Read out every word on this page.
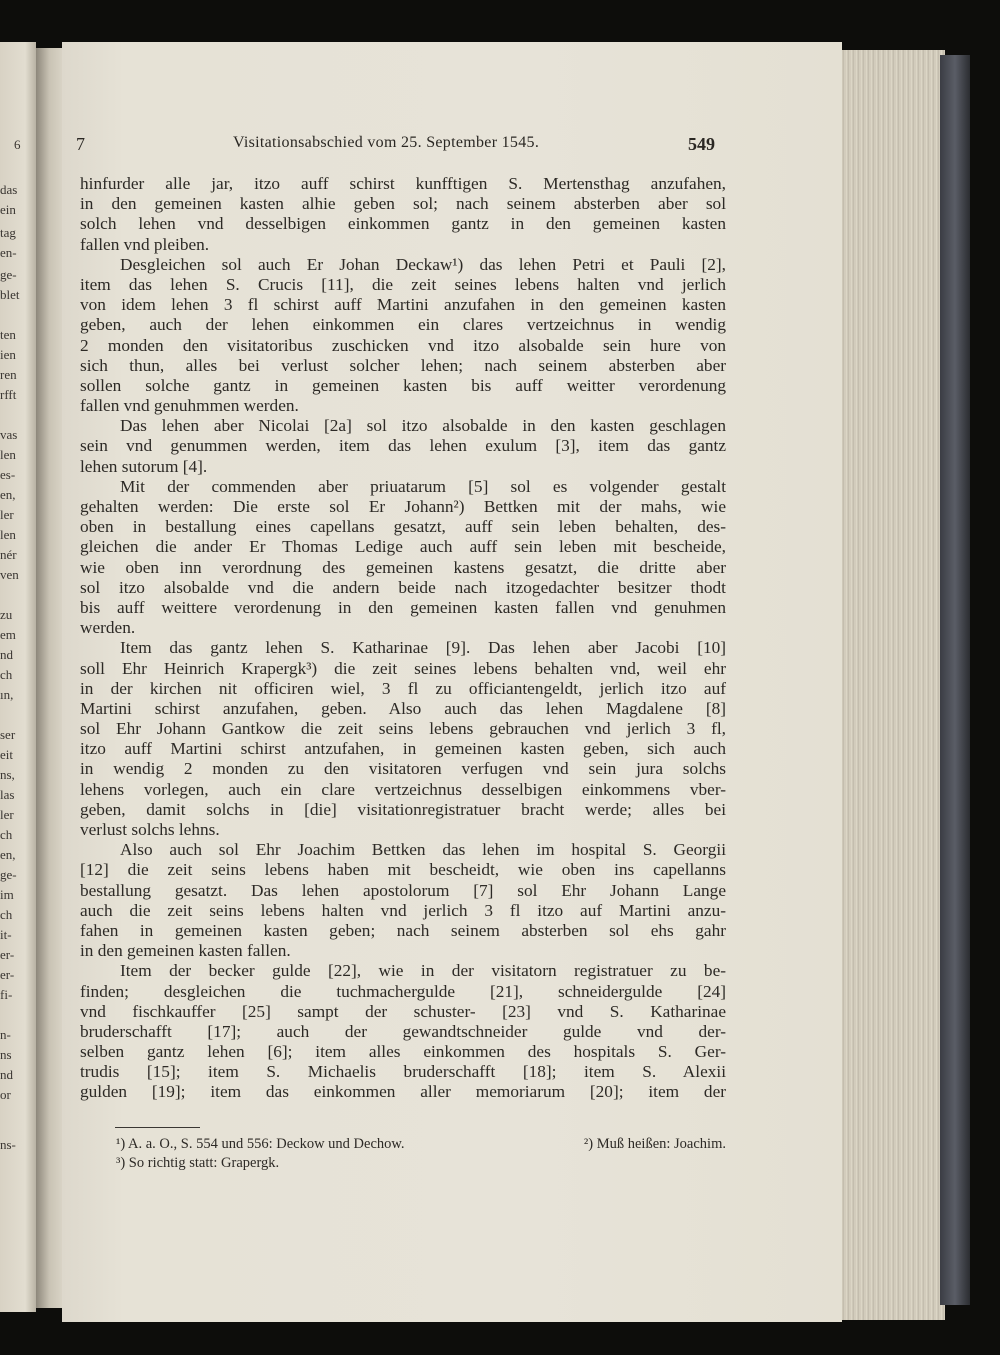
6
das
ein
tag
en-
ge-
blet
ten
ien
ren
rfft
vas
len
es-
en,
ler
len
nér
ven
zu
em
nd
ch
ın,
ser
eit
ns,
las
ler
ch
en,
ge-
im
ch
it-
er-
er-
fi-
n-
ns
nd
or
ns-
7	Visitationsabschied vom 25. September 1545.	549
hinfurder alle jar, itzo auff schirst kunfftigen S. Mertensthag anzufahen,
in den gemeinen kasten alhie geben sol; nach seinem absterben aber sol
solch lehen vnd desselbigen einkommen gantz in den gemeinen kasten
fallen vnd pleiben.
Desgleichen sol auch Er Johan Deckaw¹) das lehen Petri et Pauli [2],
item das lehen S. Crucis [11], die zeit seines lebens halten vnd jerlich
von idem lehen 3 fl schirst auff Martini anzufahen in den gemeinen kasten
geben, auch der lehen einkommen ein clares vertzeichnus in wendig
2 monden den visitatoribus zuschicken vnd itzo alsobalde sein hure von
sich thun, alles bei verlust solcher lehen; nach seinem absterben aber
sollen solche gantz in gemeinen kasten bis auff weitter verordenung
fallen vnd genuhmmen werden.
Das lehen aber Nicolai [2a] sol itzo alsobalde in den kasten geschlagen
sein vnd genummen werden, item das lehen exulum [3], item das gantz
lehen sutorum [4].
Mit der commenden aber priuatarum [5] sol es volgender gestalt
gehalten werden: Die erste sol Er Johann²) Bettken mit der mahs, wie
oben in bestallung eines capellans gesatzt, auff sein leben behalten, des-
gleichen die ander Er Thomas Ledige auch auff sein leben mit bescheide,
wie oben inn verordnung des gemeinen kastens gesatzt, die dritte aber
sol itzo alsobalde vnd die andern beide nach itzogedachter besitzer thodt
bis auff weittere verordenung in den gemeinen kasten fallen vnd genuhmen
werden.
Item das gantz lehen S. Katharinae [9]. Das lehen aber Jacobi [10]
soll Ehr Heinrich Krapergk³) die zeit seines lebens behalten vnd, weil ehr
in der kirchen nit officiren wiel, 3 fl zu officiantengeldt, jerlich itzo auf
Martini schirst anzufahen, geben. Also auch das lehen Magdalene [8]
sol Ehr Johann Gantkow die zeit seins lebens gebrauchen vnd jerlich 3 fl,
itzo auff Martini schirst antzufahen, in gemeinen kasten geben, sich auch
in wendig 2 monden zu den visitatoren verfugen vnd sein jura solchs
lehens vorlegen, auch ein clare vertzeichnus desselbigen einkommens vber-
geben, damit solchs in [die] visitationregistratuer bracht werde; alles bei
verlust solchs lehns.
Also auch sol Ehr Joachim Bettken das lehen im hospital S. Georgii
[12] die zeit seins lebens haben mit bescheidt, wie oben ins capellanns
bestallung gesatzt. Das lehen apostolorum [7] sol Ehr Johann Lange
auch die zeit seins lebens halten vnd jerlich 3 fl itzo auf Martini anzu-
fahen in gemeinen kasten geben; nach seinem absterben sol ehs gahr
in den gemeinen kasten fallen.
Item der becker gulde [22], wie in der visitatorn registratuer zu be-
finden; desgleichen die tuchmachergulde [21], schneidergulde [24]
vnd fischkauffer [25] sampt der schuster- [23] vnd S. Katharinae
bruderschafft [17]; auch der gewandtschneider gulde vnd der-
selben gantz lehen [6]; item alles einkommen des hospitals S. Ger-
trudis [15]; item S. Michaelis bruderschafft [18]; item S. Alexii
gulden [19]; item das einkommen aller memoriarum [20]; item der
¹) A. a. O., S. 554 und 556: Deckow und Dechow.	²) Muß heißen: Joachim.
³) So richtig statt: Grapergk.
